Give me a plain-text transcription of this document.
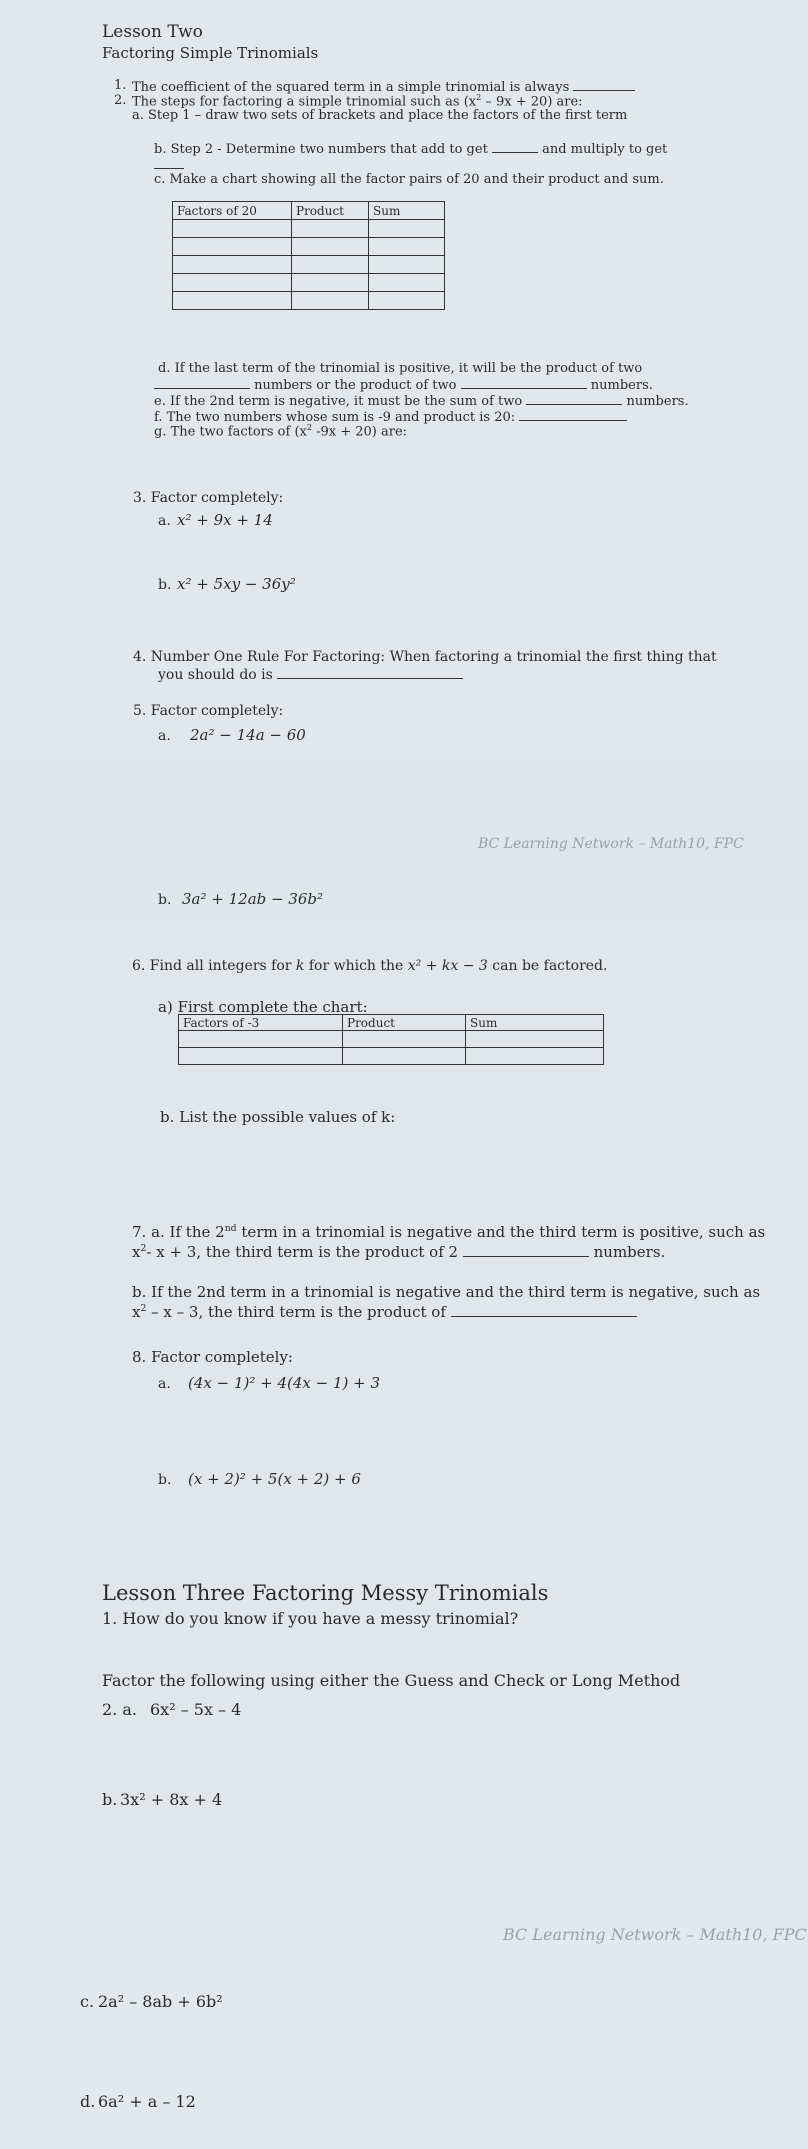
Lesson Two
Factoring Simple Trinomials
1. The coefficient of the squared term in a simple trinomial is always
2. The steps for factoring a simple trinomial such as $(x^2 - 9x + 20)$ are:
a. Step 1 – draw two sets of brackets and place the factors of the first term
b. Step 2 - Determine two numbers that add to get	and multiply to get
c. Make a chart showing all the factor pairs of 20 and their product and sum.
Factors of 20	Product	Sum

d. If the last term of the trinomial is positive, it will be the product of two
numbers or the product of two	numbers.
e. If the 2nd term is negative, it must be the sum of two	numbers.
f. The two numbers whose sum is -9 and product is 20:
g. The two factors of ($x^2$ -9x + 20) are:
3. Factor completely:
a. x² + 9x + 14
b. x² + 5xy − 36y²
4. Number One Rule For Factoring: When factoring a trinomial the first thing that
you should do is
5. Factor completely:
a. 2a² − 14a − 60
BC Learning Network – Math10, FPC
b. 3a² + 12ab − 36b²
6. Find all integers for k for which the x² + kx − 3 can be factored.
a) First complete the chart:
Factors of -3	Product	Sum

b. List the possible values of k:
7. a. If the 2nd term in a trinomial is negative and the third term is positive, such as
$x^2-$ x + 3, the third term is the product of 2	numbers.
b. If the 2nd term in a trinomial is negative and the third term is negative, such as
$x^2$ – x – 3, the third term is the product of
8. Factor completely:
a. (4x − 1)² + 4(4x − 1) + 3
b. (x + 2)² + 5(x + 2) + 6
Lesson Three Factoring Messy Trinomials
1. How do you know if you have a messy trinomial?
Factor the following using either the Guess and Check or Long Method
2. a. 6x² – 5x – 4
b. 3x² + 8x + 4
BC Learning Network – Math10, FPC
c. 2a² – 8ab + 6b²
d. 6a² + a – 12
